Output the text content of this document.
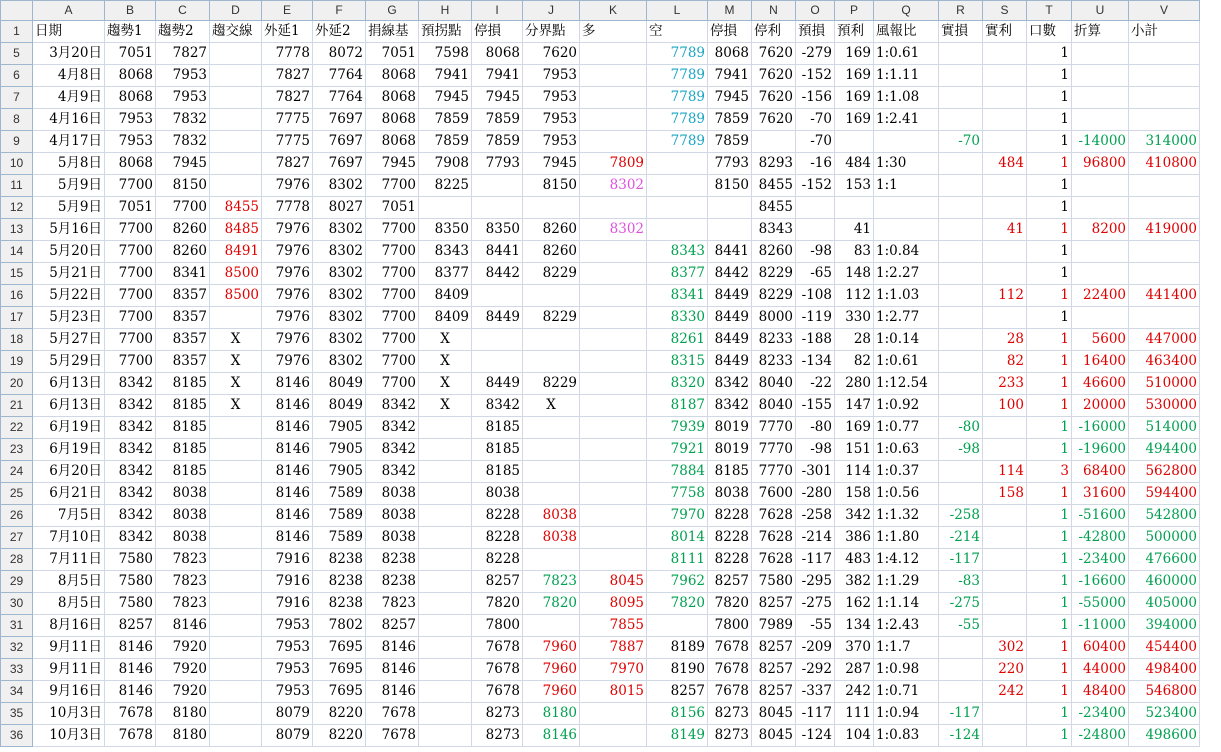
	A	B	C	D	E	F	G	H	I	J	K	L	M	N	O	P	Q	R	S	T	U	V
1	日期	趨勢1	趨勢2	趨交線	外延1	外延2	捐線基	預拐點	停損	分界點	多	空	停損	停利	預損	預利	風報比	實損	實利	口數	折算	小計
5	3月20日	7051	7827		7778	8072	7051	7598	8068	7620		7789	8068	7620	-279	169	1:0.61			1		
6	4月8日	8068	7953		7827	7764	8068	7941	7941	7953		7789	7941	7620	-152	169	1:1.11			1		
7	4月9日	8068	7953		7827	7764	8068	7945	7945	7953		7789	7945	7620	-156	169	1:1.08			1		
8	4月16日	7953	7832		7775	7697	8068	7859	7859	7953		7789	7859	7620	-70	169	1:2.41			1		
9	4月17日	7953	7832		7775	7697	8068	7859	7859	7953		7789	7859		-70			-70		1	-14000	314000
10	5月8日	8068	7945		7827	7697	7945	7908	7793	7945	7809		7793	8293	-16	484	1:30		484	1	96800	410800
11	5月9日	7700	8150		7976	8302	7700	8225		8150	8302		8150	8455	-152	153	1:1			1		
12	5月9日	7051	7700	8455	7778	8027	7051							8455						1		
13	5月16日	7700	8260	8485	7976	8302	7700	8350	8350	8260	8302			8343		41			41	1	8200	419000
14	5月20日	7700	8260	8491	7976	8302	7700	8343	8441	8260		8343	8441	8260	-98	83	1:0.84			1		
15	5月21日	7700	8341	8500	7976	8302	7700	8377	8442	8229		8377	8442	8229	-65	148	1:2.27			1		
16	5月22日	7700	8357	8500	7976	8302	7700	8409				8341	8449	8229	-108	112	1:1.03		112	1	22400	441400
17	5月23日	7700	8357		7976	8302	7700	8409	8449	8229		8330	8449	8000	-119	330	1:2.77			1		
18	5月27日	7700	8357	X	7976	8302	7700	X				8261	8449	8233	-188	28	1:0.14		28	1	5600	447000
19	5月29日	7700	8357	X	7976	8302	7700	X				8315	8449	8233	-134	82	1:0.61		82	1	16400	463400
20	6月13日	8342	8185	X	8146	8049	7700	X	8449	8229		8320	8342	8040	-22	280	1:12.54		233	1	46600	510000
21	6月13日	8342	8185	X	8146	8049	8342	X	8342	X		8187	8342	8040	-155	147	1:0.92		100	1	20000	530000
22	6月19日	8342	8185		8146	7905	8342		8185			7939	8019	7770	-80	169	1:0.77	-80		1	-16000	514000
23	6月19日	8342	8185		8146	7905	8342		8185			7921	8019	7770	-98	151	1:0.63	-98		1	-19600	494400
24	6月20日	8342	8185		8146	7905	8342		8185			7884	8185	7770	-301	114	1:0.37		114	3	68400	562800
25	6月21日	8342	8038		8146	7589	8038		8038			7758	8038	7600	-280	158	1:0.56		158	1	31600	594400
26	7月5日	8342	8038		8146	7589	8038		8228	8038		7970	8228	7628	-258	342	1:1.32	-258		1	-51600	542800
27	7月10日	8342	8038		8146	7589	8038		8228	8038		8014	8228	7628	-214	386	1:1.80	-214		1	-42800	500000
28	7月11日	7580	7823		7916	8238	8238		8228			8111	8228	7628	-117	483	1:4.12	-117		1	-23400	476600
29	8月5日	7580	7823		7916	8238	8238		8257	7823	8045	7962	8257	7580	-295	382	1:1.29	-83		1	-16600	460000
30	8月5日	7580	7823		7916	8238	7823		7820	7820	8095	7820	7820	8257	-275	162	1:1.14	-275		1	-55000	405000
31	8月16日	8257	8146		7953	7802	8257		7800		7855		7800	7989	-55	134	1:2.43	-55		1	-11000	394000
32	9月11日	8146	7920		7953	7695	8146		7678	7960	7887	8189	7678	8257	-209	370	1:1.7		302	1	60400	454400
33	9月11日	8146	7920		7953	7695	8146		7678	7960	7970	8190	7678	8257	-292	287	1:0.98		220	1	44000	498400
34	9月16日	8146	7920		7953	7695	8146		7678	7960	8015	8257	7678	8257	-337	242	1:0.71		242	1	48400	546800
35	10月3日	7678	8180		8079	8220	7678		8273	8180		8156	8273	8045	-117	111	1:0.94	-117		1	-23400	523400
36	10月3日	7678	8180		8079	8220	7678		8273	8146		8149	8273	8045	-124	104	1:0.83	-124		1	-24800	498600
